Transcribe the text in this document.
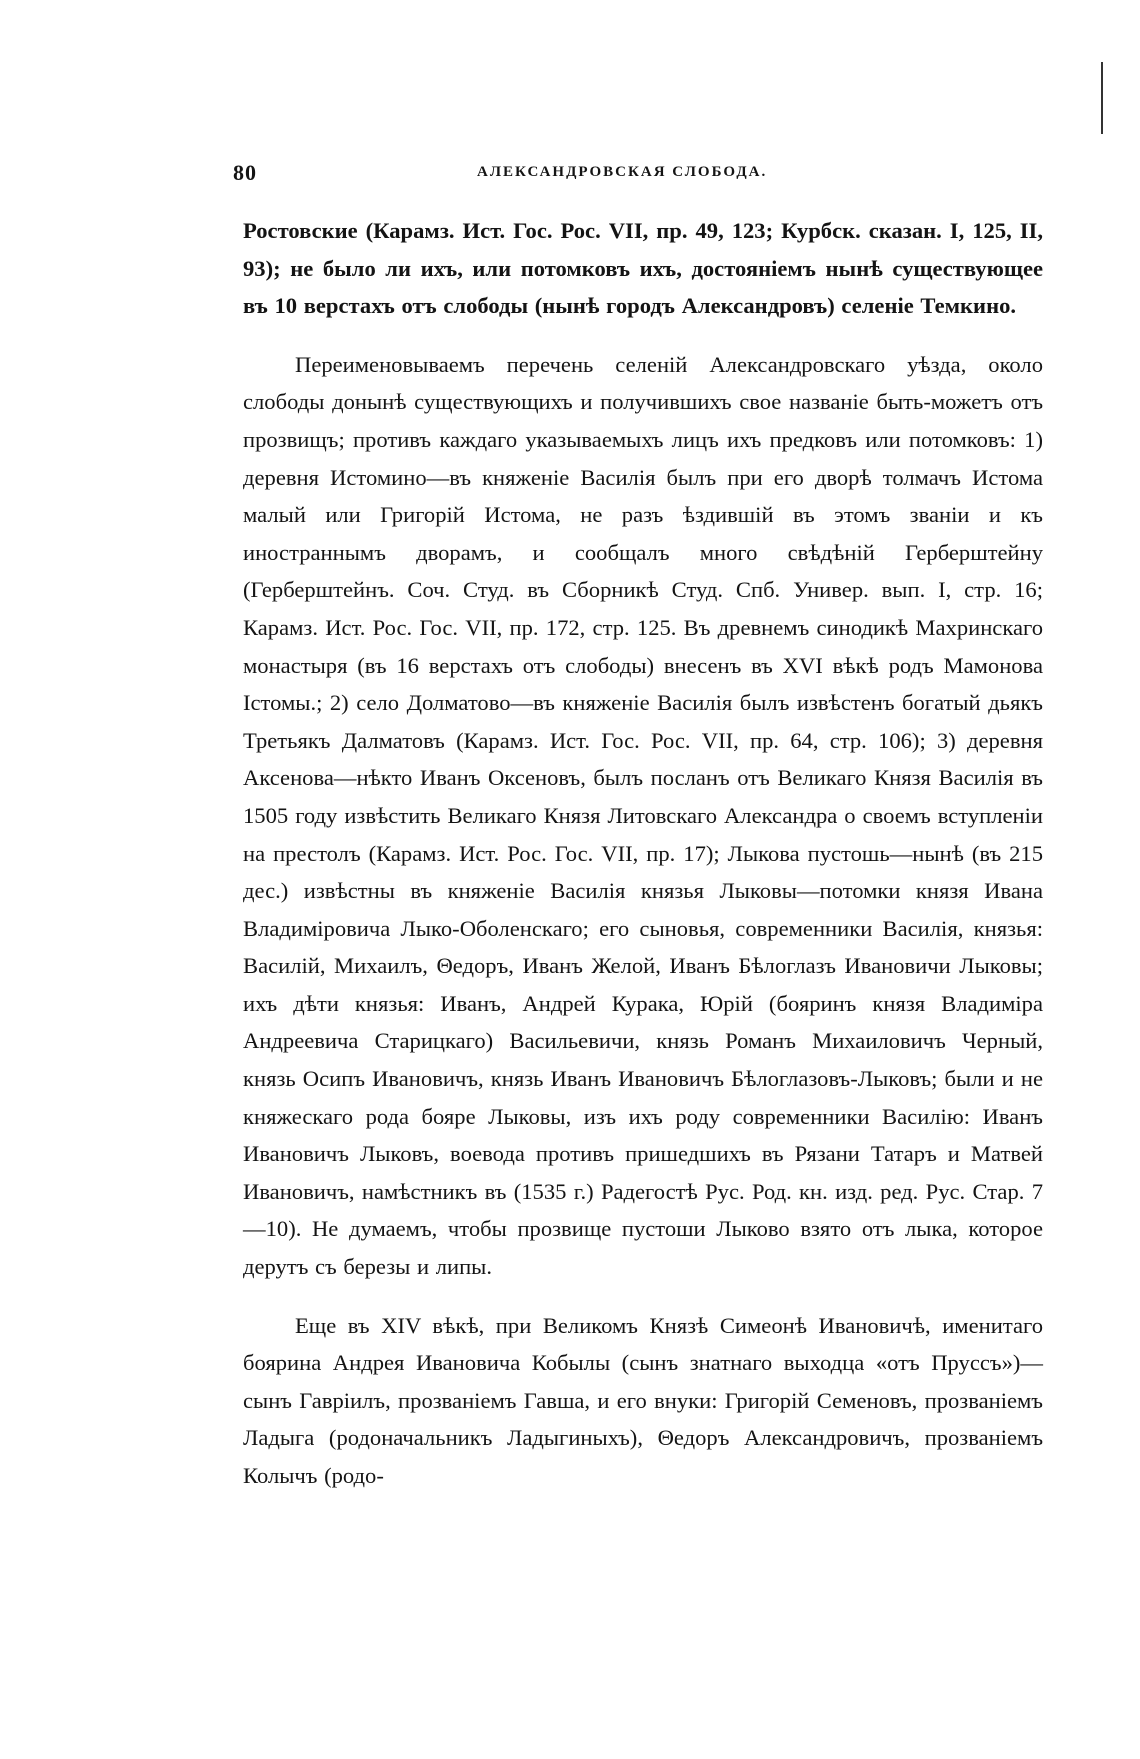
80	АЛЕКСАНДРОВСКАЯ СЛОБОДА.

Ростовские (Карамз. Ист. Гос. Рос. VII, пр. 49, 123; Курбск. сказан. I, 125, II, 93); не было ли ихъ, или потомковъ ихъ, достоянiемъ нынѣ существующее въ 10 верстахъ отъ слободы (нынѣ городъ Александровъ) селенiе Темкино.

Переименовываемъ перечень селенiй Александровскаго уѣзда, около слободы донынѣ существующихъ и получившихъ свое названiе быть-можетъ отъ прозвищъ; противъ каждаго указываемыхъ лицъ ихъ предковъ или потомковъ: 1) деревня Истомино—въ княженiе Василiя былъ при его дворѣ толмачъ Истома малый или Григорiй Истома, не разъ ѣздившiй въ этомъ званiи и къ иностраннымъ дворамъ, и сообщалъ много свѣдѣнiй Герберштейну (Герберштейнъ. Соч. Студ. въ Сборникѣ Студ. Спб. Универ. вып. I, стр. 16; Карамз. Ист. Рос. Гос. VII, пр. 172, стр. 125. Въ древнемъ синодикѣ Махринскаго монастыря (въ 16 верстахъ отъ слободы) внесенъ въ XVI вѣкѣ родъ Мамонова Iстомы.; 2) село Долматово—въ княженiе Василiя былъ извѣстенъ богатый дьякъ Третьякъ Далматовъ (Карамз. Ист. Гос. Рос. VII, пр. 64, стр. 106); 3) деревня Аксенова—нѣкто Иванъ Оксеновъ, былъ посланъ отъ Великаго Князя Василiя въ 1505 году извѣстить Великаго Князя Литовскаго Александра о своемъ вступленiи на престолъ (Карамз. Ист. Рос. Гос. VII, пр. 17); Лыкова пустошь—нынѣ (въ 215 дес.) извѣстны въ княженiе Василiя князья Лыковы—потомки князя Ивана Владимiровича Лыко-Оболенскаго; его сыновья, современники Василiя, князья: Василiй, Михаилъ, Θедоръ, Иванъ Желой, Иванъ Бѣлоглазъ Ивановичи Лыковы; ихъ дѣти князья: Иванъ, Андрей Курака, Юрiй (бояринъ князя Владимiра Андреевича Старицкаго) Васильевичи, князь Романъ Михаиловичъ Черный, князь Осипъ Ивановичъ, князь Иванъ Ивановичъ Бѣлоглазовъ-Лыковъ; были и не княжескаго рода бояре Лыковы, изъ ихъ роду современники Василiю: Иванъ Ивановичъ Лыковъ, воевода противъ пришедшихъ въ Рязани Татаръ и Матвей Ивановичъ, намѣстникъ въ (1535 г.) Радегостѣ Рус. Род. кн. изд. ред. Рус. Стар. 7—10). Не думаемъ, чтобы прозвище пустоши Лыково взято отъ лыка, которое дерутъ съ березы и липы.

Еще въ XIV вѣкѣ, при Великомъ Князѣ Симеонѣ Ивановичѣ, именитаго боярина Андрея Ивановича Кобылы (сынъ знатнаго выходца «отъ Пруссъ»)—сынъ Гаврiилъ, прозванiемъ Гавша, и его внуки: Григорiй Семеновъ, прозванiемъ Ладыга (родоначальникъ Ладыгиныхъ), Θедоръ Александровичъ, прозванiемъ Колычъ (родо-
